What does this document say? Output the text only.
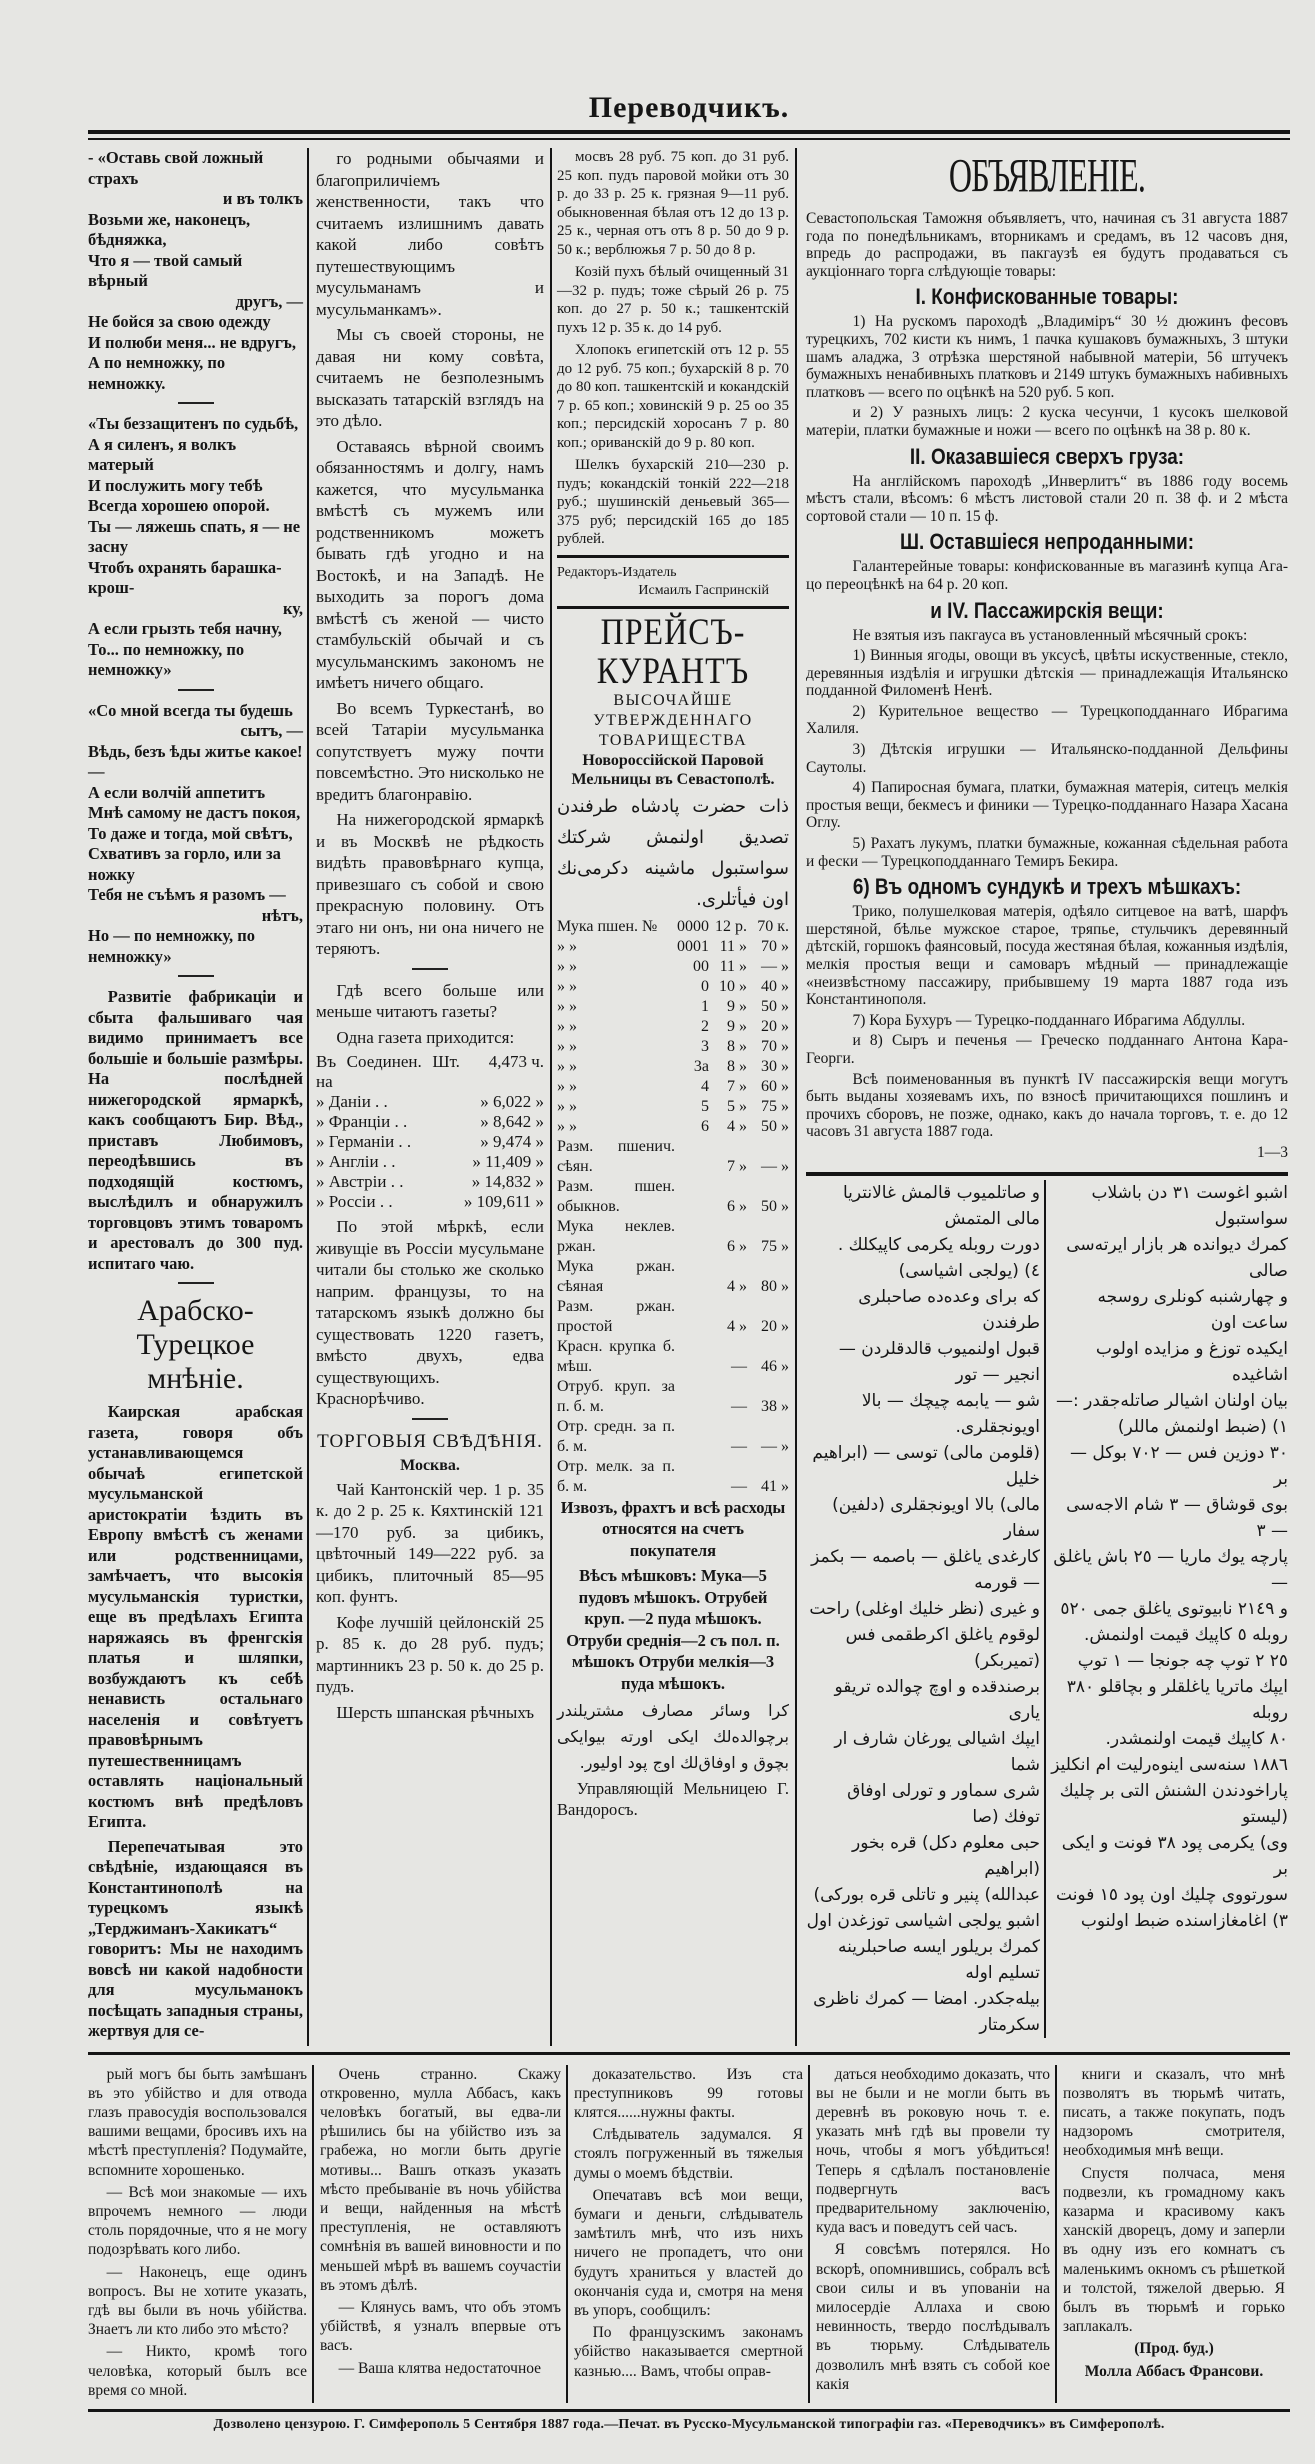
Переводчикъ.
- «Оставь свой ложный страхъ
и въ толкъ
Возьми же, наконецъ, бѣдняжка,
Что я — твой самый вѣрный
другъ, —
Не бойся за свою одежду
И полюби меня... не вдругъ,
А по немножку, по немножку.
«Ты беззащитенъ по судьбѣ,
А я силенъ, я волкъ матерый
И послужить могу тебѣ
Всегда хорошею опорой.
Ты — ляжешь спать, я — не засну
Чтобъ охранять барашка-крош-
ку,
А если грызть тебя начну,
То... по немножку, по немножку»
«Со мной всегда ты будешь
сытъ, —
Вѣдь, безъ ѣды житье какое! —
А если волчій аппетитъ
Мнѣ самому не дастъ покоя,
То даже и тогда, мой свѣтъ,
Схвативъ за горло, или за ножку
Тебя не съѣмъ я разомъ —
нѣтъ,
Но — по немножку, по немножку»

Развитіе фабрикаціи и сбыта фальшиваго чая видимо принимаетъ все большіе и большіе размѣры. На послѣдней нижегородской ярмаркѣ, какъ сообщаютъ Бир. Вѣд., приставъ Любимовъ, переодѣвшись въ подходящій костюмъ, выслѣдилъ и обнаружилъ торговцовъ этимъ товаромъ и арестовалъ до 300 пуд. испитаго чаю.

Арабско-Турецкое мнѣніе.

Каирская арабская газета, говоря объ устанавливающемся обычаѣ египетской мусульманской аристократіи ѣздить въ Европу вмѣстѣ съ женами или родственницами, замѣчаетъ, что высокія мусульманскія туристки, еще въ предѣлахъ Египта наряжаясь въ френгскія платья и шляпки, возбуждаютъ къ себѣ ненависть остальнаго населенія и совѣтуетъ правовѣрнымъ путешественницамъ оставлять національный костюмъ внѣ предѣловъ Египта.

Перепечатывая это свѣдѣніе, издающаяся въ Константинополѣ на турецкомъ языкѣ „Терджиманъ-Хакикатъ“ говоритъ: Мы не находимъ вовсѣ ни какой надобности для мусульманокъ посѣщать западныя страны, жертвуя для се-

го родными обычаями и благоприличіемъ женственности, такъ что считаемъ излишнимъ давать какой либо совѣтъ путешествующимъ мусульманамъ и мусульманкамъ».

Мы съ своей стороны, не давая ни кому совѣта, считаемъ не безполезнымъ высказать татарскій взглядъ на это дѣло.

Оставаясь вѣрной своимъ обязанностямъ и долгу, намъ кажется, что мусульманка вмѣстѣ съ мужемъ или родственникомъ можетъ бывать гдѣ угодно и на Востокѣ, и на Западѣ. Не выходить за порогъ дома вмѣстѣ съ женой — чисто стамбульскій обычай и съ мусульманскимъ закономъ не имѣетъ ничего общаго.

Во всемъ Туркестанѣ, во всей Татаріи мусульманка сопутствуетъ мужу почти повсемѣстно. Это нисколько не вредитъ благонравію.

На нижегородской ярмаркѣ и въ Москвѣ не рѣдкость видѣть правовѣрнаго купца, привезшаго съ собой и свою прекрасную половину. Отъ этаго ни онъ, ни она ничего не теряютъ.

Гдѣ всего больше или меньше читаютъ газеты?

Одна газета приходится:

Въ Соединен. Шт. на	4,473 ч.
» Даніи . .	» 6,022 »
» Франціи . .	» 8,642 »
» Германіи . .	» 9,474 »
» Англіи . .	» 11,409 »
» Австріи . .	» 14,832 »
» Россіи . .	» 109,611 »

По этой мѣркѣ, если живущіе въ Россіи мусульмане читали бы столько же сколько наприм. французы, то на татарскомъ языкѣ должно бы существовать 1220 газетъ, вмѣсто двухъ, едва существующихъ. Краснорѣчиво.

ТОРГОВЫЯ СВѢДѢНІЯ.
Москва.

Чай Кантонскій чер. 1 р. 35 к. до 2 р. 25 к. Кяхтинскій 121—170 руб. за цибикъ, цвѣточный 149—222 руб. за цибикъ, плиточный 85—95 коп. фунтъ.

Кофе лучшій цейлонскій 25 р. 85 к. до 28 руб. пудъ; мартинникъ 23 р. 50 к. до 25 р. пудъ.

Шерсть шпанская рѣчныхъ

мосвъ 28 руб. 75 коп. до 31 руб. 25 коп. пудъ паровой мойки отъ 30 р. до 33 р. 25 к. грязная 9—11 руб. обыкновенная бѣлая отъ 12 до 13 р. 25 к., черная отъ отъ 8 р. 50 до 9 р. 50 к.; верблюжья 7 р. 50 до 8 р.

Козій пухъ бѣлый очищенный 31—32 р. пудъ; тоже сѣрый 26 р. 75 коп. до 27 р. 50 к.; ташкентскій пухъ 12 р. 35 к. до 14 руб.

Хлопокъ египетскій отъ 12 р. 55 до 12 руб. 75 коп.; бухарскій 8 р. 70 до 80 коп. ташкентскій и кокандскій 7 р. 65 коп.; ховинскій 9 р. 25 оо 35 коп.; персидскій хоросанъ 7 р. 80 коп.; ориванскій до 9 р. 80 коп.

Шелкъ бухарскій 210—230 р. пудъ; кокандскій тонкій 222—218 руб.; шушинскій деньевый 365—375 руб; персидскій 165 до 185 рублей.

Редакторъ-Издатель
Исмаилъ Гаспринскій
ПРЕЙСЪ-КУРАНТЪ
ВЫСОЧАЙШЕ УТВЕРЖДЕННАГО ТОВАРИЩЕСТВА
Новороссійской Паровой Мельницы въ Севастополѣ.
ذات حضرت پادشاه طرفندن تصدیق اولنمش شرکتك سواستبول ماشینه دکرمی‌نك اون فیأتلری.
Мука пшен. №	0000	12 р.	70 к.
» »	0001	11 »	70 »
» »	00	11 »	— »
» »	0	10 »	40 »
» »	1	9 »	50 »
» »	2	9 »	20 »
» »	3	8 »	70 »
» »	3а	8 »	30 »
» »	4	7 »	60 »
» »	5	5 »	75 »
» »	6	4 »	50 »
Разм. пшенич. сѣян.		7 »	— »
Разм. пшен. обыкнов.		6 »	50 »
Мука неклев. ржан.		6 »	75 »
Мука ржан. сѣяная		4 »	80 »
Разм. ржан. простой		4 »	20 »
Красн. крупка б. мѣш.		—	46 »
Отруб. круп. за п. б. м.		—	38 »
Отр. средн. за п. б. м.		—	— »
Отр. мелк. за п. б. м.		—	41 »

Извозъ, фрахтъ и всѣ расходы относятся на счетъ покупателя

Вѣсъ мѣшковъ: Мука—5 пудовъ мѣшокъ. Отрубей круп. —2 пуда мѣшокъ. Отруби среднія—2 съ пол. п. мѣшокъ Отруби мелкія—3 пуда мѣшокъ.

کرا وسائر مصارف مشتریلندر برچوالده‌لك ایکی اورته بیوایکی بچوق و اوفاق‌لك اوج پود اولیور.

Управляющій Мельницею Г. Вандоросъ.

ОБЪЯВЛЕНІЕ.

Севастопольская Таможня объявляетъ, что, начиная съ 31 августа 1887 года по понедѣльникамъ, вторникамъ и средамъ, въ 12 часовъ дня, впредь до распродажи, въ пакгаузѣ ея будутъ продаваться съ аукціоннаго торга слѣдующіе товары:

I. Конфискованные товары:

1) На рускомъ пароходѣ „Владиміръ“ 30 ½ дюжинъ фесовъ турецкихъ, 702 кисти къ нимъ, 1 пачка кушаковъ бумажныхъ, 3 штуки шамъ аладжа, 3 отрѣзка шерстяной набывной матеріи, 56 штучекъ бумажныхъ ненабивныхъ платковъ и 2149 штукъ бумажныхъ набивныхъ платковъ — всего по оцѣнкѣ на 520 руб. 5 коп.

и 2) У разныхъ лицъ: 2 куска чесунчи, 1 кусокъ шелковой матеріи, платки бумажные и ножи — всего по оцѣнкѣ на 38 р. 80 к.

II. Оказавшіеся сверхъ груза:

На англійскомъ пароходѣ „Инверлитъ“ въ 1886 году восемь мѣстъ стали, вѣсомъ: 6 мѣстъ листовой стали 20 п. 38 ф. и 2 мѣста сортовой стали — 10 п. 15 ф.

Ш. Оставшіеся непроданными:

Галантерейные товары: конфискованные въ магазинѣ купца Ага-цо переоцѣнкѣ на 64 р. 20 коп.

и IV. Пассажирскія вещи:

Не взятыя изъ пакгауса въ установленный мѣсячный срокъ:

1) Винныя ягоды, овощи въ уксусѣ, цвѣты искуственные, стекло, деревянныя издѣлія и игрушки дѣтскія — принадлежащія Итальянско подданной Филоменѣ Ненѣ.

2) Курительное вещество — Турецкоподданнаго Ибрагима Халиля.

3) Дѣтскія игрушки — Итальянско-подданной Дельфины Саутолы.

4) Папиросная бумага, платки, бумажная матерія, ситецъ мелкія простыя вещи, бекмесъ и финики — Турецко-подданнаго Назара Хасана Оглу.

5) Рахатъ лукумъ, платки бумажные, кожанная сѣдельная работа и фески — Турецкоподданнаго Темиръ Бекира.

6) Въ одномъ сундукѣ и трехъ мѣшкахъ:

Трико, полушелковая матерія, одѣяло ситцевое на ватѣ, шарфъ шерстяной, бѣлье мужское старое, тряпье, стульчикъ деревянный дѣтскій, горшокъ фаянсовый, посуда жестяная бѣлая, кожанныя издѣлія, мелкія простыя вещи и самоваръ мѣдный — принадлежащіе «неизвѣстному пассажиру, прибывшему 19 марта 1887 года изъ Константинополя.

7) Кора Бухуръ — Турецко-подданнаго Ибрагима Абдуллы.

и 8) Сыръ и печенья — Греческо подданнаго Антона Кара-Георги.

Всѣ поименованныя въ пунктѣ IV пассажирскія вещи могутъ быть выданы хозяевамъ ихъ, по взносѣ причитающихся пошлинъ и прочихъ сборовъ, не позже, однако, какъ до начала торговъ, т. е. до 12 часовъ 31 августа 1887 года.

1—3
و صاتلميوب قالمش غالانتريا مالى المتمش
دورت روبله يكرمى كاپيكلك .
٤) (يولجى اشياسى)
كه براى وعده‌ده صاحبلرى طرفندن
قبول اولنميوب قالدقلردن — انجير — تور
شو — يابمه چيچك — بالا اويونجقلرى.
(قلومن مالى) توسى — (ابراهيم خليل
مالى) بالا اويونجقلرى (دلفين) سفار
كارغدى ياغلق — باصمه — بكمز — قورمه
و غيرى (نظر خليك اوغلى) راحت
لوقوم ياغلق اكرطقمى فس (تميربكر)
برصندقده و اوچ چوالده تريقو يارى
ايپك اشيالى يورغان شارف ار شما
شرى سماور و تورلى اوفاق توفك (صا
حبى معلوم دكل) قره بخور (ابراهيم
عبدالله) پنير و تاتلى قره بوركى)
اشبو يولجى اشياسى توزغدن اول
كمرك بريلور ايسه صاحبلرينه تسليم اوله
بيله‌جكدر. امضا — كمرك ناظرى سكرمتار
اشبو اغوست ٣١ دن باشلاب سواستبول
کمرك دیوانده هر بازار ایرته‌سی صالی
و چهارشنبه کونلری روسجه ساعت اون
ایکیده توزغ و مزایده اولوب اشاغیده
بیان اولنان اشیالر صاتله‌جقدر :—
١) (ضبط اولنمش ماللر)
٣٠ دوزین فس — ٧٠٢ بوکل — بر
بوی قوشاق — ٣ شام الاجه‌سی — ٣
پارچه یوك ماریا — ٢٥ باش یاغلق —
و ٢١٤٩ نابیوتوی یاغلق جمی ٥٢٠
روبله ٥ کاپیك قیمت اولنمش.
٢٥ ٢ توپ چه جونجا — ١ توپ
ایپك ماتریا یاغلقلر و بچاقلو ٣٨٠ روبله
٨٠ کاپیك قیمت اولنمشدر.
١٨٨٦ سنه‌سی اینوه‌رلیت ام انکلیز
پاراخودندن الشنش التی بر چلیك (لیستو
وی) یکرمی پود ٣٨ فونت و ایکی بر
سورتووی چلیك اون پود ١٥ فونت
٣) اغامغازاسنده ضبط اولنوب

рый могъ бы быть замѣшанъ въ это убійство и для отвода глазъ правосудія воспользовался вашими вещами, бросивъ ихъ на мѣстѣ преступленія? Подумайте, вспомните хорошенько.

— Всѣ мои знакомые — ихъ впрочемъ немного — люди столь порядочные, что я не могу подозрѣвать кого либо.

— Наконецъ, еще одинъ вопросъ. Вы не хотите указать, гдѣ вы были въ ночь убійства. Знаетъ ли кто либо это мѣсто?

— Никто, кромѣ того человѣка, который былъ все время со мной.

Очень странно. Скажу откровенно, мулла Аббасъ, какъ человѣкъ богатый, вы едва-ли рѣшились бы на убійство изъ за грабежа, но могли быть другіе мотивы... Вашъ отказъ указать мѣсто пребываніе въ ночь убійства и вещи, найденныя на мѣстѣ преступленія, не оставляютъ сомнѣнія въ вашей виновности и по меньшей мѣрѣ въ вашемъ соучастіи въ этомъ дѣлѣ.

— Клянусь вамъ, что объ этомъ убійствѣ, я узналъ впервые отъ васъ.

— Ваша клятва недостаточное

доказательство. Изъ ста преступниковъ 99 готовы клятся......нужны факты.

Слѣдыватель задумался. Я стоялъ погруженный въ тяжелыя думы о моемъ бѣдствіи.

Опечатавъ всѣ мои вещи, бумаги и деньги, слѣдыватель замѣтилъ мнѣ, что изъ нихъ ничего не пропадетъ, что они будутъ храниться у властей до окончанія суда и, смотря на меня въ упоръ, сообщилъ:

По французскимъ законамъ убійство наказывается смертной казнью.... Вамъ, чтобы оправ-

даться необходимо доказать, что вы не были и не могли быть въ деревнѣ въ роковую ночь т. е. указать мнѣ гдѣ вы провели ту ночь, чтобы я могъ убѣдиться! Теперь я сдѣлалъ постановленіе подвергнуть васъ предварительному заключенію, куда васъ и поведутъ сей часъ.

Я совсѣмъ потерялся. Но вскорѣ, опомнившись, собралъ всѣ свои силы и въ упованіи на милосердіе Аллаха и свою невинность, твердо послѣдывалъ въ тюрьму. Слѣдыватель дозволилъ мнѣ взять съ собой кое какія

книги и сказалъ, что мнѣ позволятъ въ тюрьмѣ читать, писать, а также покупать, подъ надзоромъ смотрителя, необходимыя мнѣ вещи.

Спустя полчаса, меня подвезли, къ громадному какъ казарма и красивому какъ ханскій дворецъ, дому и заперли въ одну изъ его комнатъ съ маленькимъ окномъ съ рѣшеткой и толстой, тяжелой дверью. Я былъ въ тюрьмѣ и горько заплакалъ.

(Прод. буд.)

Молла Аббасъ Франсови.

Дозволено цензурою. Г. Симферополь 5 Сентября 1887 года.—Печат. въ Русско-Мусульманской типографіи газ. «Переводчикъ» въ Симферополѣ.
